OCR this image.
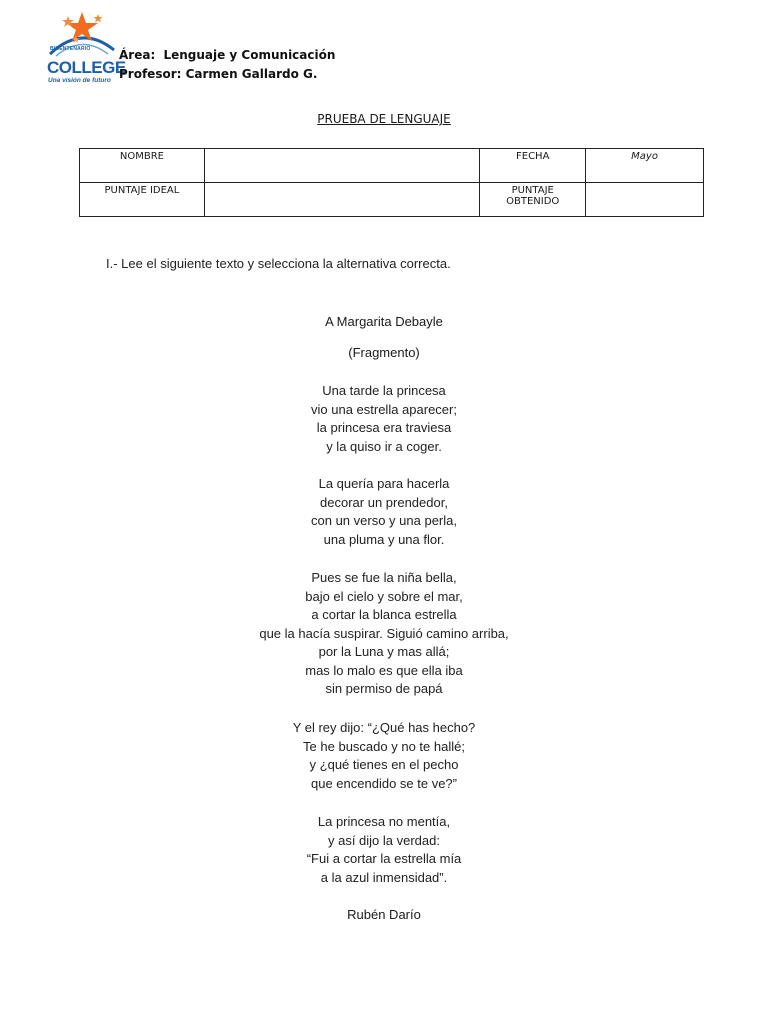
BICENTENARIO
COLLEGE
Una visión de futuro
Área: Lenguaje y Comunicación
Profesor: Carmen Gallardo G.
PRUEBA DE LENGUAJE
NOMBRE		FECHA	Mayo
PUNTAJE IDEAL		PUNTAJE
OBTENIDO	

I.- Lee el siguiente texto y selecciona la alternativa correcta.
A Margarita Debayle
(Fragmento)
Una tarde la princesa
vio una estrella aparecer;
la princesa era traviesa
y la quiso ir a coger.
La quería para hacerla
decorar un prendedor,
con un verso y una perla,
una pluma y una flor.
Pues se fue la niña bella,
bajo el cielo y sobre el mar,
a cortar la blanca estrella
que la hacía suspirar. Siguió camino arriba,
por la Luna y mas allá;
mas lo malo es que ella iba
sin permiso de papá
Y el rey dijo: “¿Qué has hecho?
Te he buscado y no te hallé;
y ¿qué tienes en el pecho
que encendido se te ve?”
La princesa no mentía,
y así dijo la verdad:
“Fui a cortar la estrella mía
a la azul inmensidad”.
Rubén Darío
